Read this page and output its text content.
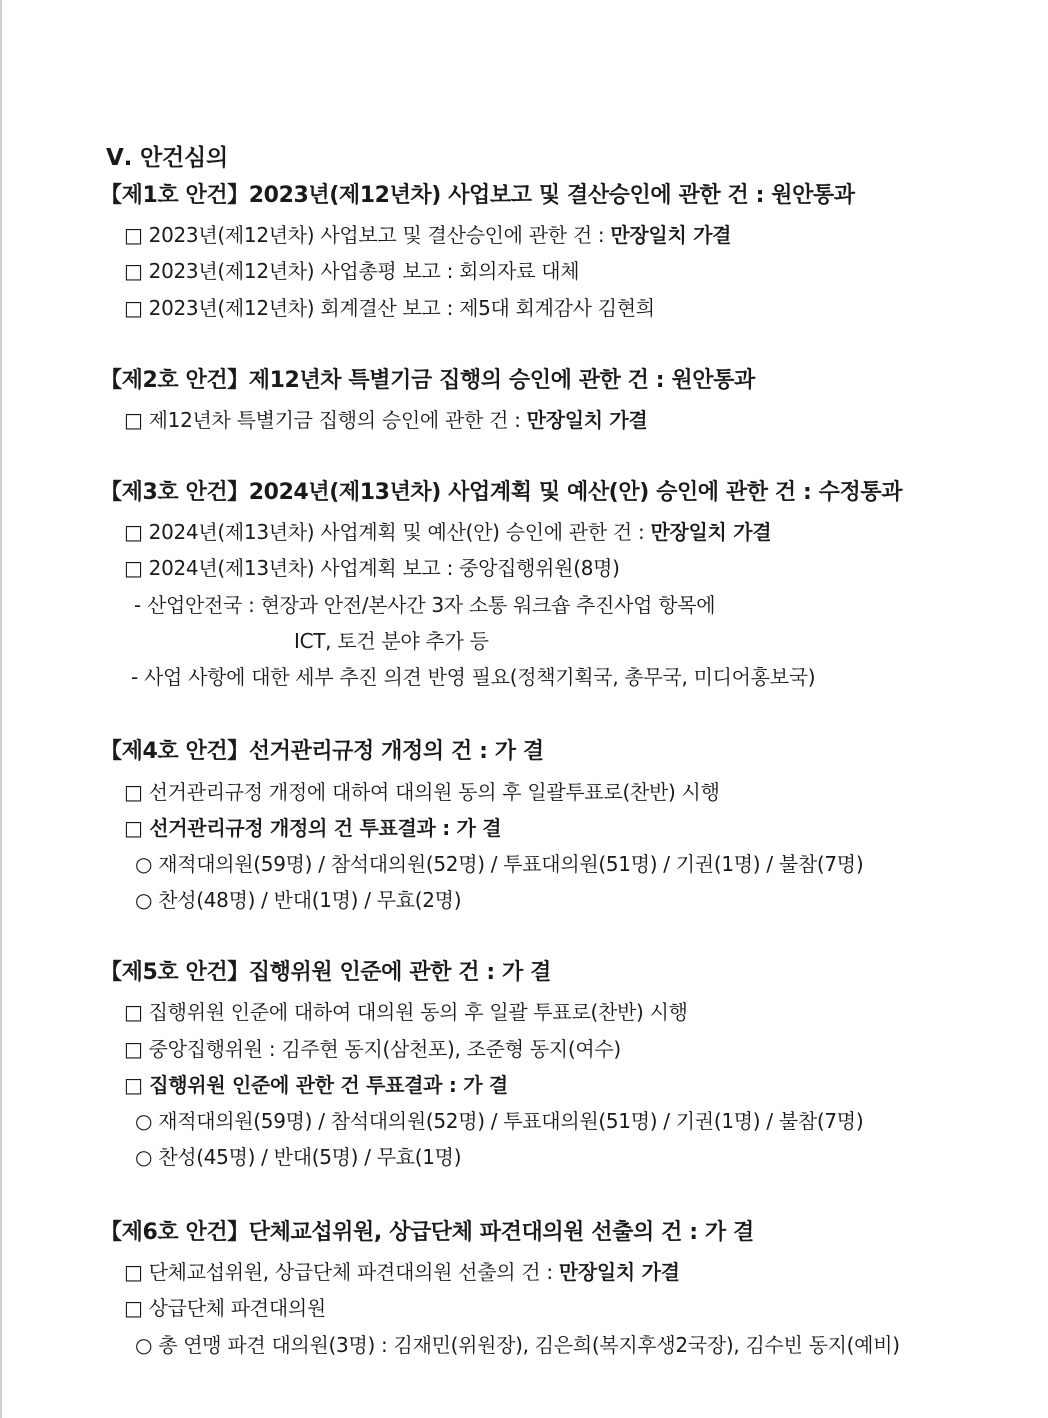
Ⅴ. 안건심의
【제1호 안건】2023년(제12년차) 사업보고 및 결산승인에 관한 건 : 원안통과
□ 2023년(제12년차) 사업보고 및 결산승인에 관한 건 : 만장일치 가결
□ 2023년(제12년차) 사업총평 보고 : 회의자료 대체
□ 2023년(제12년차) 회계결산 보고 : 제5대 회계감사 김현희
【제2호 안건】제12년차 특별기금 집행의 승인에 관한 건 : 원안통과
□ 제12년차 특별기금 집행의 승인에 관한 건 : 만장일치 가결
【제3호 안건】2024년(제13년차) 사업계획 및 예산(안) 승인에 관한 건 : 수정통과
□ 2024년(제13년차) 사업계획 및 예산(안) 승인에 관한 건 : 만장일치 가결
□ 2024년(제13년차) 사업계획 보고 : 중앙집행위원(8명)
- 산업안전국 : 현장과 안전/본사간 3자 소통 워크숍 추진사업 항목에
ICT, 토건 분야 추가 등
- 사업 사항에 대한 세부 추진 의견 반영 필요(정책기획국, 총무국, 미디어홍보국)
【제4호 안건】선거관리규정 개정의 건 : 가 결
□ 선거관리규정 개정에 대하여 대의원 동의 후 일괄투표로(찬반) 시행
□ 선거관리규정 개정의 건 투표결과 : 가 결
○ 재적대의원(59명) / 참석대의원(52명) / 투표대의원(51명) / 기권(1명) / 불참(7명)
○ 찬성(48명) / 반대(1명) / 무효(2명)
【제5호 안건】집행위원 인준에 관한 건 : 가 결
□ 집행위원 인준에 대하여 대의원 동의 후 일괄 투표로(찬반) 시행
□ 중앙집행위원 : 김주현 동지(삼천포), 조준형 동지(여수)
□ 집행위원 인준에 관한 건 투표결과 : 가 결
○ 재적대의원(59명) / 참석대의원(52명) / 투표대의원(51명) / 기권(1명) / 불참(7명)
○ 찬성(45명) / 반대(5명) / 무효(1명)
【제6호 안건】단체교섭위원, 상급단체 파견대의원 선출의 건 : 가 결
□ 단체교섭위원, 상급단체 파견대의원 선출의 건 : 만장일치 가결
□ 상급단체 파견대의원
○ 총 연맹 파견 대의원(3명) : 김재민(위원장), 김은희(복지후생2국장), 김수빈 동지(예비)
